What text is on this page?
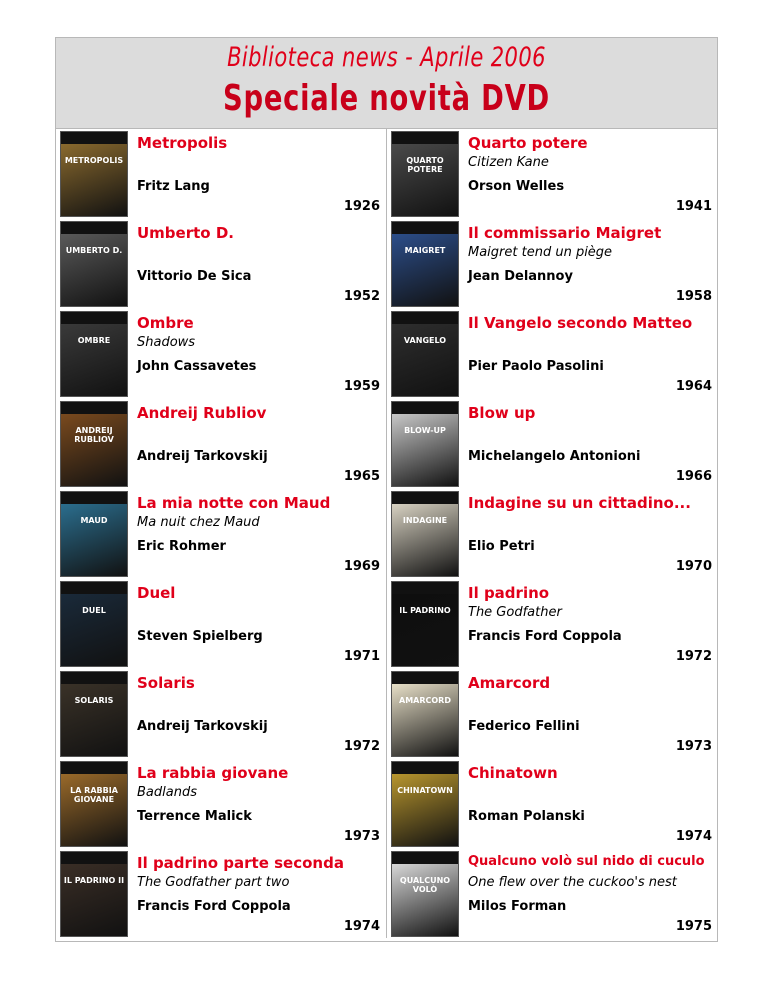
Biblioteca news - Aprile 2006
Speciale novità DVD
METROPOLIS
Metropolis
Fritz Lang
1926
QUARTO POTERE
Quarto potere
Citizen Kane
Orson Welles
1941
UMBERTO D.
Umberto D.
Vittorio De Sica
1952
MAIGRET
Il commissario Maigret
Maigret tend un piège
Jean Delannoy
1958
OMBRE
Ombre
Shadows
John Cassavetes
1959
VANGELO
Il Vangelo secondo Matteo
Pier Paolo Pasolini
1964
ANDREIJ RUBLIOV
Andreij Rubliov
Andreij Tarkovskij
1965
BLOW-UP
Blow up
Michelangelo Antonioni
1966
MAUD
La mia notte con Maud
Ma nuit chez Maud
Eric Rohmer
1969
INDAGINE
Indagine su un cittadino...
Elio Petri
1970
DUEL
Duel
Steven Spielberg
1971
IL PADRINO
Il padrino
The Godfather
Francis Ford Coppola
1972
SOLARIS
Solaris
Andreij Tarkovskij
1972
AMARCORD
Amarcord
Federico Fellini
1973
LA RABBIA GIOVANE
La rabbia giovane
Badlands
Terrence Malick
1973
CHINATOWN
Chinatown
Roman Polanski
1974
IL PADRINO II
Il padrino parte seconda
The Godfather part two
Francis Ford Coppola
1974
QUALCUNO VOLÒ
Qualcuno volò sul nido di cuculo
One flew over the cuckoo's nest
Milos Forman
1975
